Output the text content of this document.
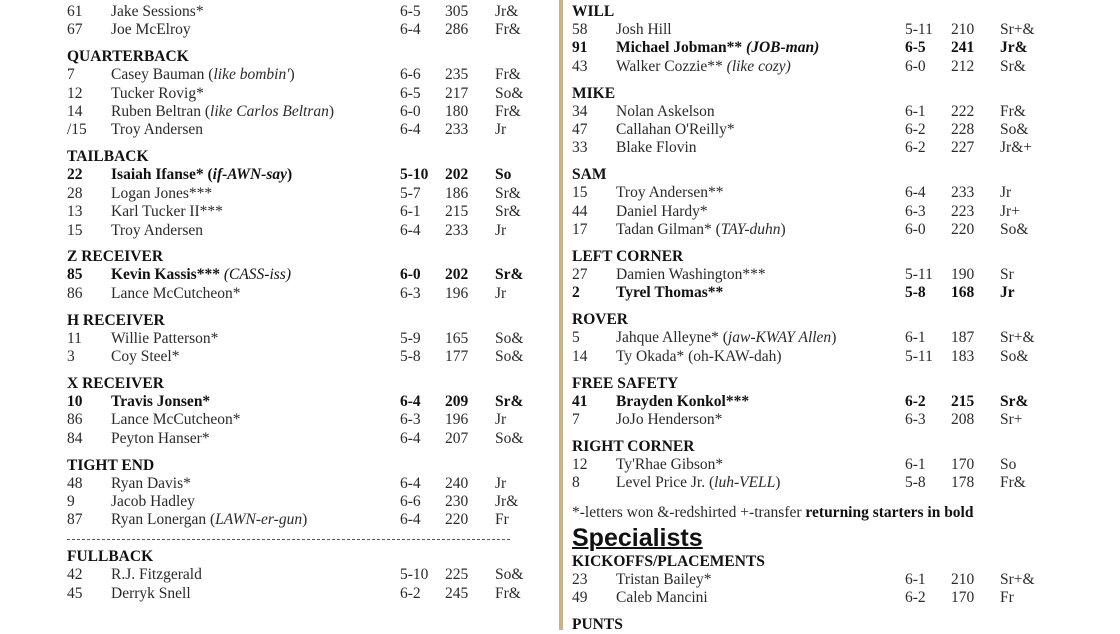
61 Jake Sessions*	6-5 305 Jr&
67 Joe McElroy	6-4 286 Fr&
QUARTERBACK
7 Casey Bauman (like bombin')	6-6 235 Fr&
12 Tucker Rovig*	6-5 217 So&
14 Ruben Beltran (like Carlos Beltran)	6-0 180 Fr&
/15 Troy Andersen	6-4 233 Jr
TAILBACK
22 Isaiah Ifanse* (if-AWN-say)	5-10 202 So
28 Logan Jones***	5-7 186 Sr&
13 Karl Tucker II***	6-1 215 Sr&
15 Troy Andersen	6-4 233 Jr
Z RECEIVER
85 Kevin Kassis*** (CASS-iss)	6-0 202 Sr&
86 Lance McCutcheon*	6-3 196 Jr
H RECEIVER
11 Willie Patterson*	5-9 165 So&
3 Coy Steel*	5-8 177 So&
X RECEIVER
10 Travis Jonsen*	6-4 209 Sr&
86 Lance McCutcheon*	6-3 196 Jr
84 Peyton Hanser*	6-4 207 So&
TIGHT END
48 Ryan Davis*	6-4 240 Jr
9 Jacob Hadley	6-6 230 Jr&
87 Ryan Lonergan (LAWN-er-gun)	6-4 220 Fr
FULLBACK
42 R.J. Fitzgerald	5-10 225 So&
45 Derryk Snell	6-2 245 Fr&
WILL
58 Josh Hill	5-11 210 Sr+&
91 Michael Jobman** (JOB-man)	6-5 241 Jr&
43 Walker Cozzie** (like cozy)	6-0 212 Sr&
MIKE
34 Nolan Askelson	6-1 222 Fr&
47 Callahan O'Reilly*	6-2 228 So&
33 Blake Flovin	6-2 227 Jr&+
SAM
15 Troy Andersen**	6-4 233 Jr
44 Daniel Hardy*	6-3 223 Jr+
17 Tadan Gilman* (TAY-duhn)	6-0 220 So&
LEFT CORNER
27 Damien Washington***	5-11 190 Sr
2 Tyrel Thomas**	5-8 168 Jr
ROVER
5 Jahque Alleyne* (jaw-KWAY Allen)	6-1 187 Sr+&
14 Ty Okada* (oh-KAW-dah)	5-11 183 So&
FREE SAFETY
41 Brayden Konkol***	6-2 215 Sr&
7 JoJo Henderson*	6-3 208 Sr+
RIGHT CORNER
12 Ty'Rhae Gibson*	6-1 170 So
8 Level Price Jr. (luh-VELL)	5-8 178 Fr&
*-letters won &-redshirted +-transfer returning starters in bold
Specialists
KICKOFFS/PLACEMENTS
23 Tristan Bailey*	6-1 210 Sr+&
49 Caleb Mancini	6-2 170 Fr
PUNTS
